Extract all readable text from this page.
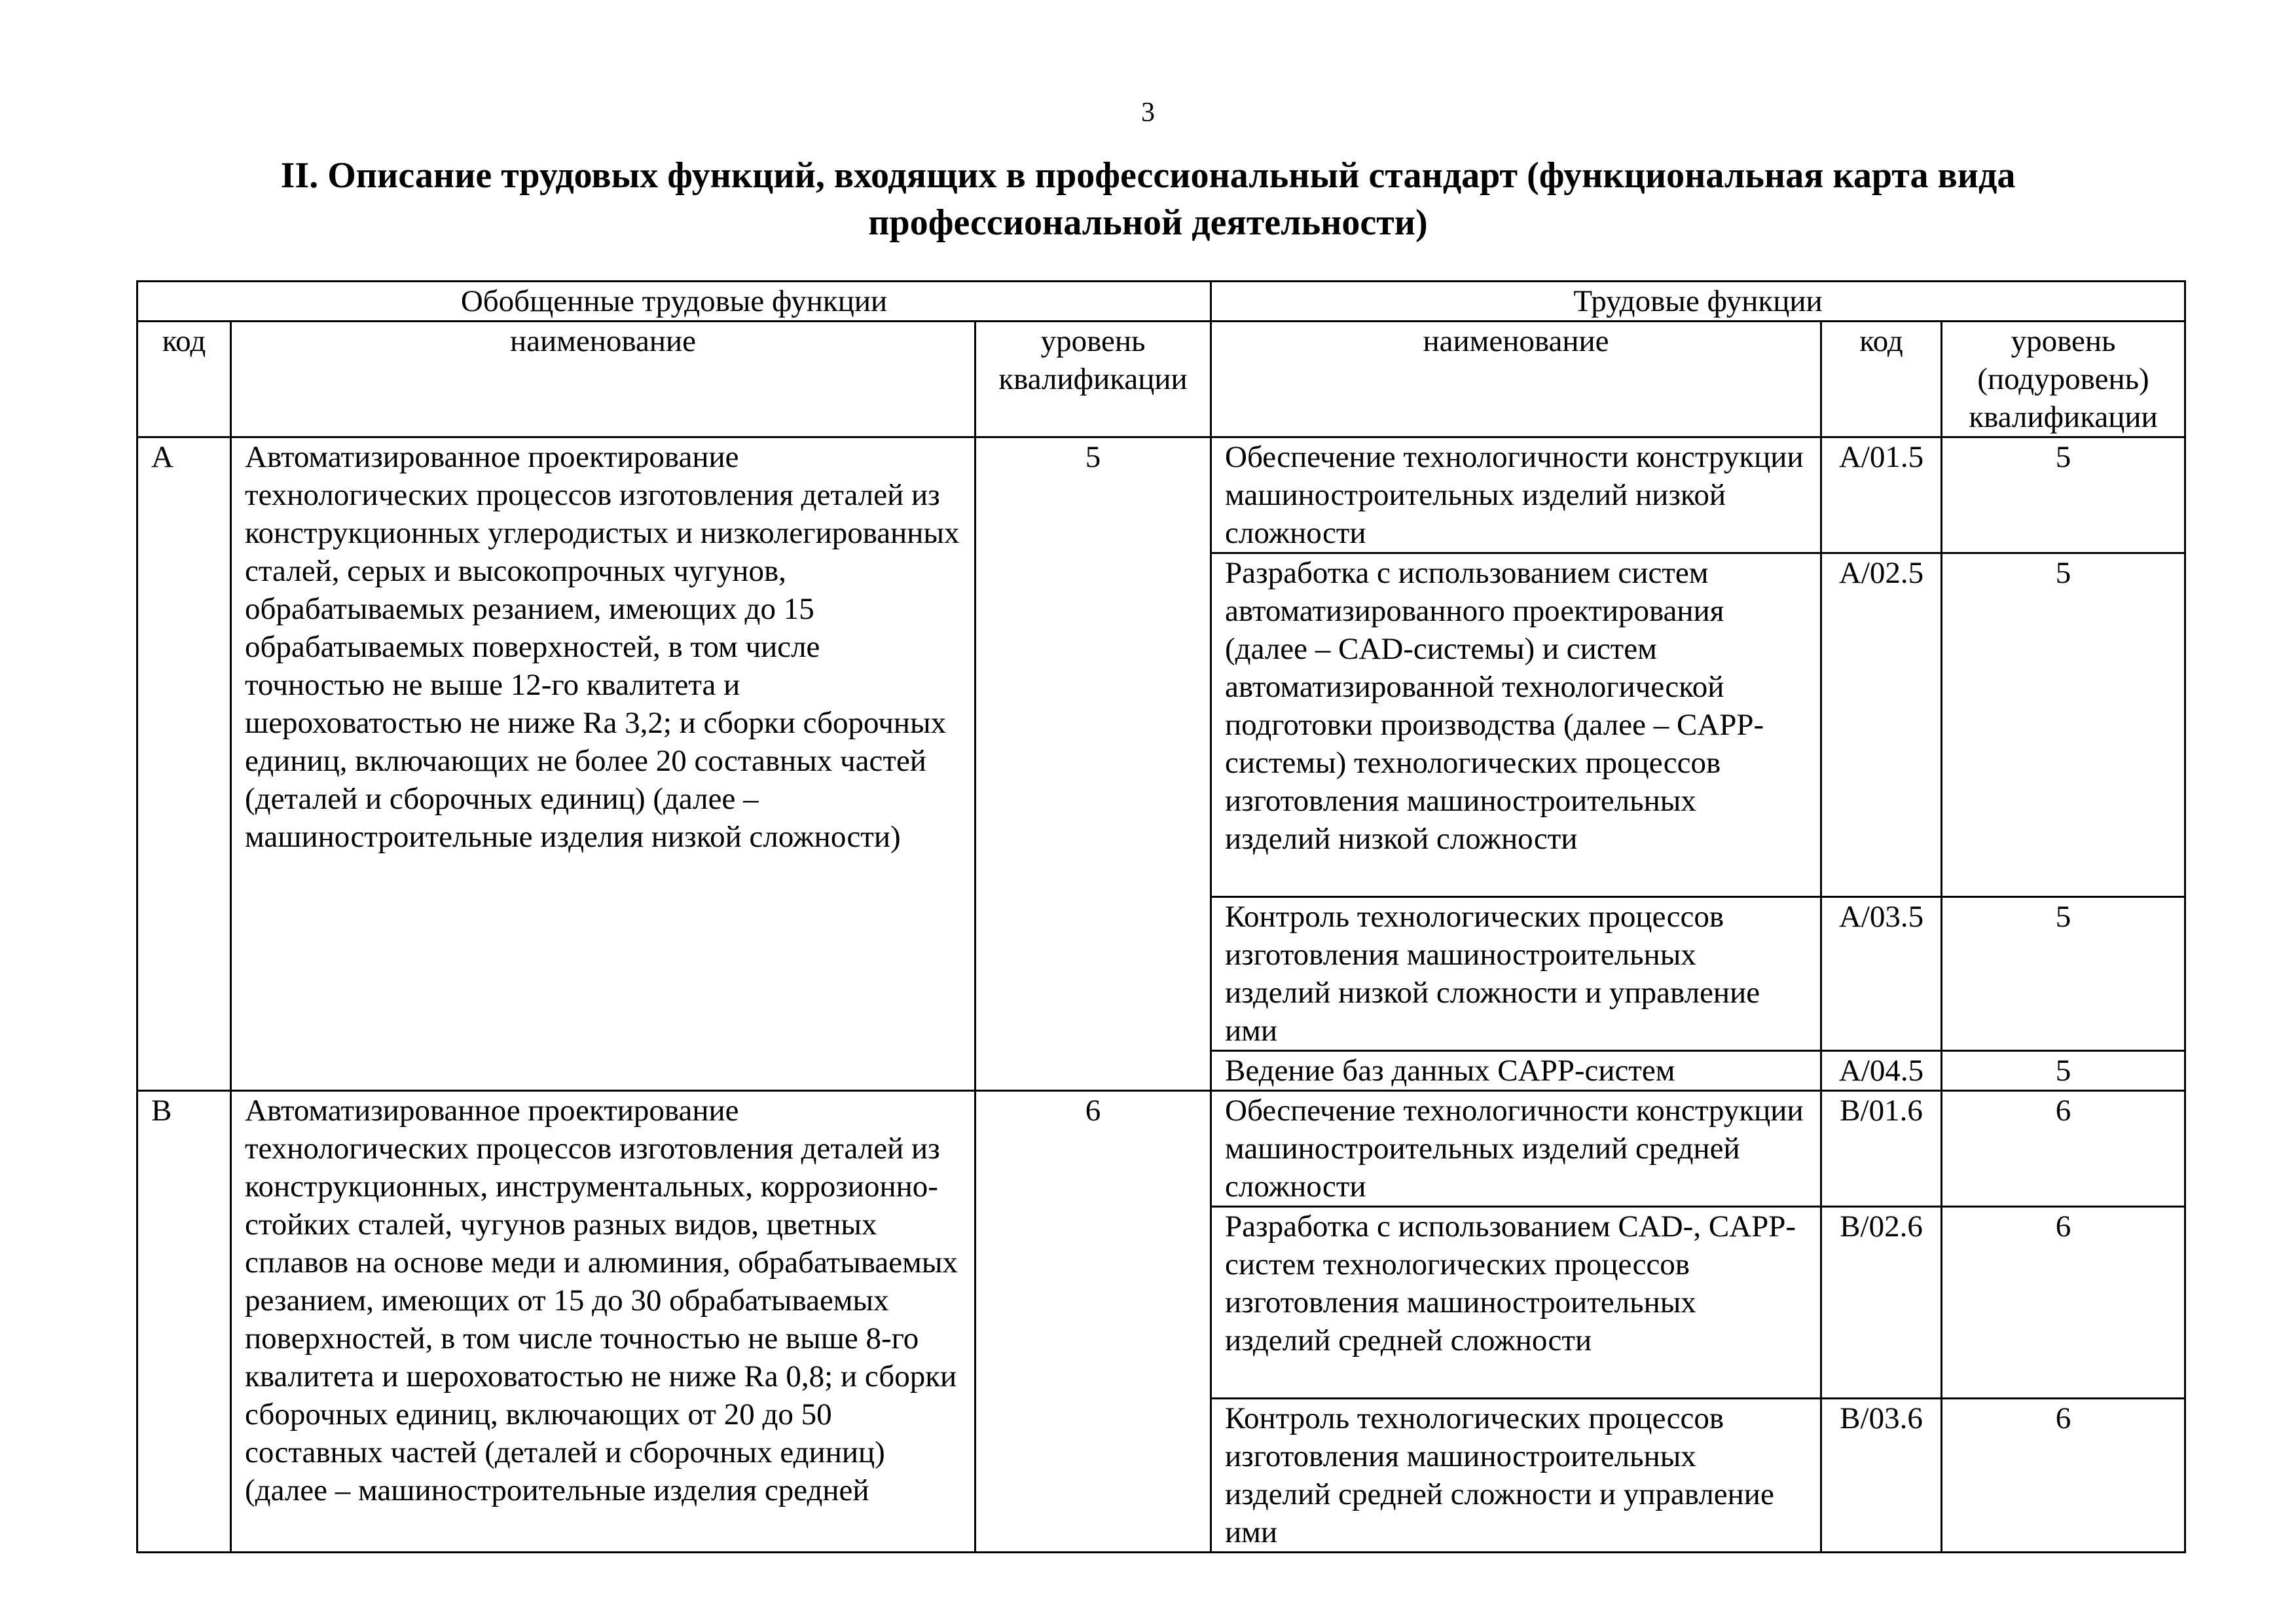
3
II. Описание трудовых функций, входящих в профессиональный стандарт (функциональная карта вида профессиональной деятельности)
Обобщенные трудовые функции			Трудовые функции		
код	наименование	уровень квалификации	наименование	код	уровень (подуровень) квалификации
A	Автоматизированное проектирование технологических процессов изготовления деталей из конструкционных углеродистых и низколегированных сталей, серых и высокопрочных чугунов, обрабатываемых резанием, имеющих до 15 обрабатываемых поверхностей, в том числе точностью не выше 12-го квалитета и шероховатостью не ниже Ra 3,2; и сборки сборочных единиц, включающих не более 20 составных частей (деталей и сборочных единиц) (далее – машиностроительные изделия низкой сложности)	5	Обеспечение технологичности конструкции машиностроительных изделий низкой сложности	A/01.5	5
			Разработка с использованием систем автоматизированного проектирования (далее – CAD-системы) и систем автоматизированной технологической подготовки производства (далее – CAPP-системы) технологических процессов изготовления машиностроительных изделий низкой сложности	A/02.5	5
			Контроль технологических процессов изготовления машиностроительных изделий низкой сложности и управление ими	A/03.5	5
			Ведение баз данных CAPP-систем	A/04.5	5
B	Автоматизированное проектирование технологических процессов изготовления деталей из конструкционных, инструментальных, коррозионно-стойких сталей, чугунов разных видов, цветных сплавов на основе меди и алюминия, обрабатываемых резанием, имеющих от 15 до 30 обрабатываемых поверхностей, в том числе точностью не выше 8-го квалитета и шероховатостью не ниже Ra 0,8; и сборки сборочных единиц, включающих от 20 до 50 составных частей (деталей и сборочных единиц) (далее – машиностроительные изделия средней	6	Обеспечение технологичности конструкции машиностроительных изделий средней сложности	B/01.6	6
			Разработка с использованием CAD-, CAPP-систем технологических процессов изготовления машиностроительных изделий средней сложности	B/02.6	6
			Контроль технологических процессов изготовления машиностроительных изделий средней сложности и управление ими	B/03.6	6
